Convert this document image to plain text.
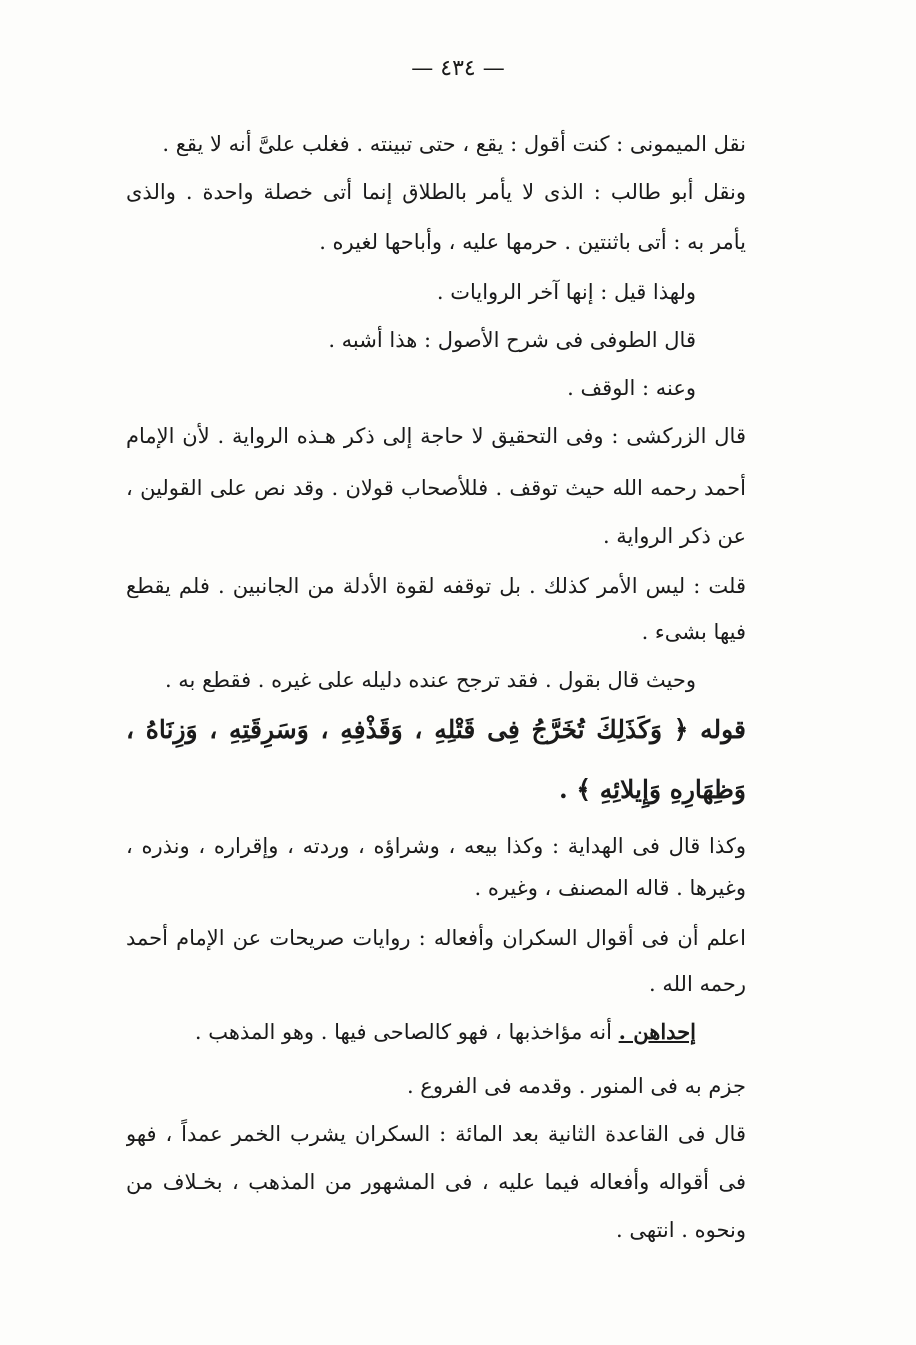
— ٤٣٤ —
نقل الميمونى : كنت أقول : يقع ، حتى تبينته . فغلب علىَّ أنه لا يقع .
ونقل أبو طالب : الذى لا يأمر بالطلاق إنما أتى خصلة واحدة . والذى
يأمر به : أتى باثنتين . حرمها عليه ، وأباحها لغيره .
ولهذا قيل : إنها آخر الروايات .
قال الطوفى فى شرح الأصول : هذا أشبه .
وعنه : الوقف .
قال الزركشى : وفى التحقيق لا حاجة إلى ذكر هـذه الرواية . لأن الإمام
أحمد رحمه الله حيث توقف . فللأصحاب قولان . وقد نص على القولين ،
عن ذكر الرواية .
قلت : ليس الأمر كذلك . بل توقفه لقوة الأدلة من الجانبين . فلم يقطع
فيها بشىء .
وحيث قال بقول . فقد ترجح عنده دليله على غيره . فقطع به .
قوله ﴿ وَكَذَلِكَ تُخَرَّجُ فِى قَتْلِهِ ، وَقَذْفِهِ ، وَسَرِقَتِهِ ، وَزِنَاهُ ،
وَظِهَارِهِ وَإِيلائِهِ ﴾ .
وكذا قال فى الهداية : وكذا بيعه ، وشراؤه ، وردته ، وإقراره ، ونذره ،
وغيرها . قاله المصنف ، وغيره .
اعلم أن فى أقوال السكران وأفعاله : روايات صريحات عن الإمام أحمد
رحمه الله .
إحداهن . أنه مؤاخذبها ، فهو كالصاحى فيها . وهو المذهب .
جزم به فى المنور . وقدمه فى الفروع .
قال فى القاعدة الثانية بعد المائة : السكران يشرب الخمر عمداً ، فهو
فى أقواله وأفعاله فيما عليه ، فى المشهور من المذهب ، بخـلاف من
ونحوه . انتهى .
